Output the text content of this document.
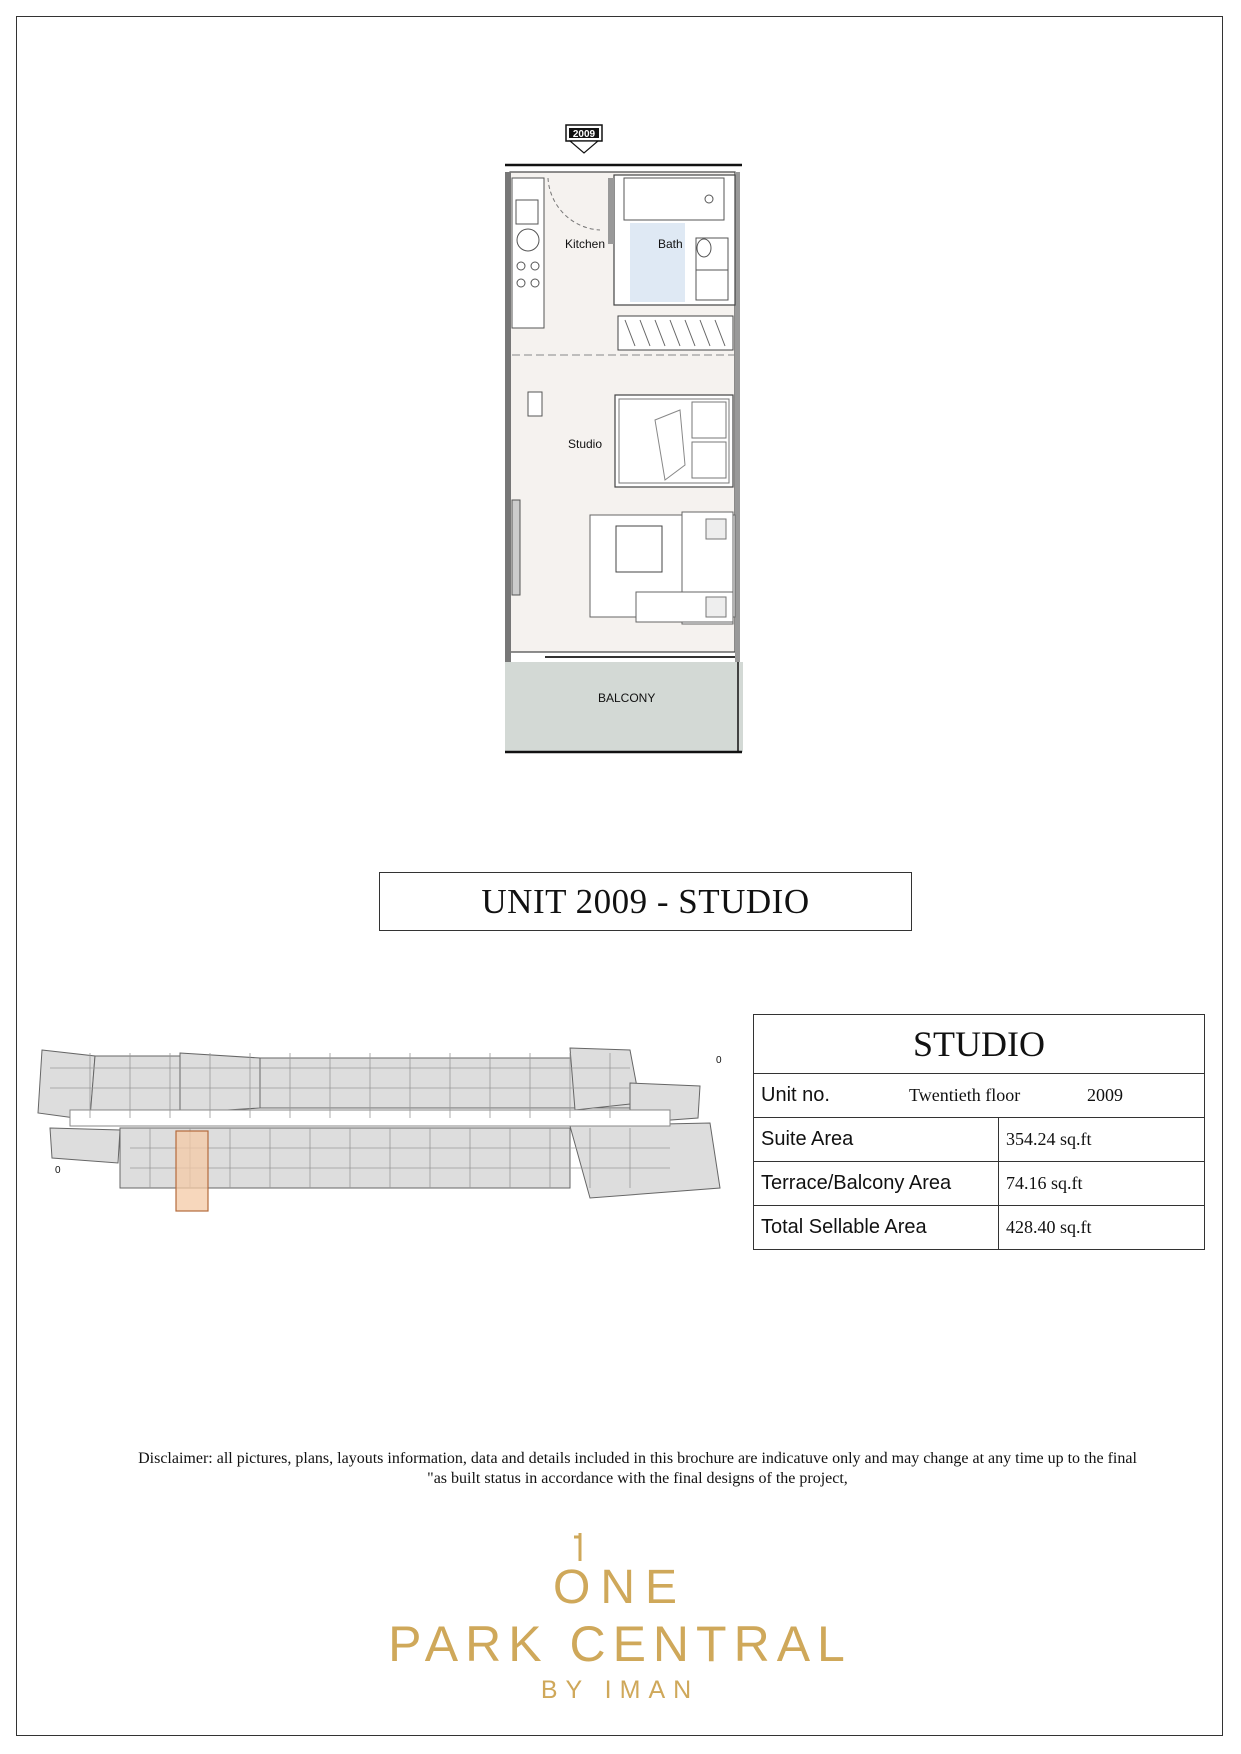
2009
Kitchen	Bath
Studio
BALCONY
UNIT 2009 - STUDIO
0
0
STUDIO	

Unit no. Twentieth floor 2009	

Suite Area	354.24 sq.ft
Terrace/Balcony Area	74.16 sq.ft
Total Sellable Area	428.40 sq.ft
Disclaimer: all pictures, plans, layouts information, data and details included in this brochure are indicatuve only and may change at any time up to the final
"as built status in accordance with the final designs of the project,
ONE
PARK CENTRAL
BY IMAN
